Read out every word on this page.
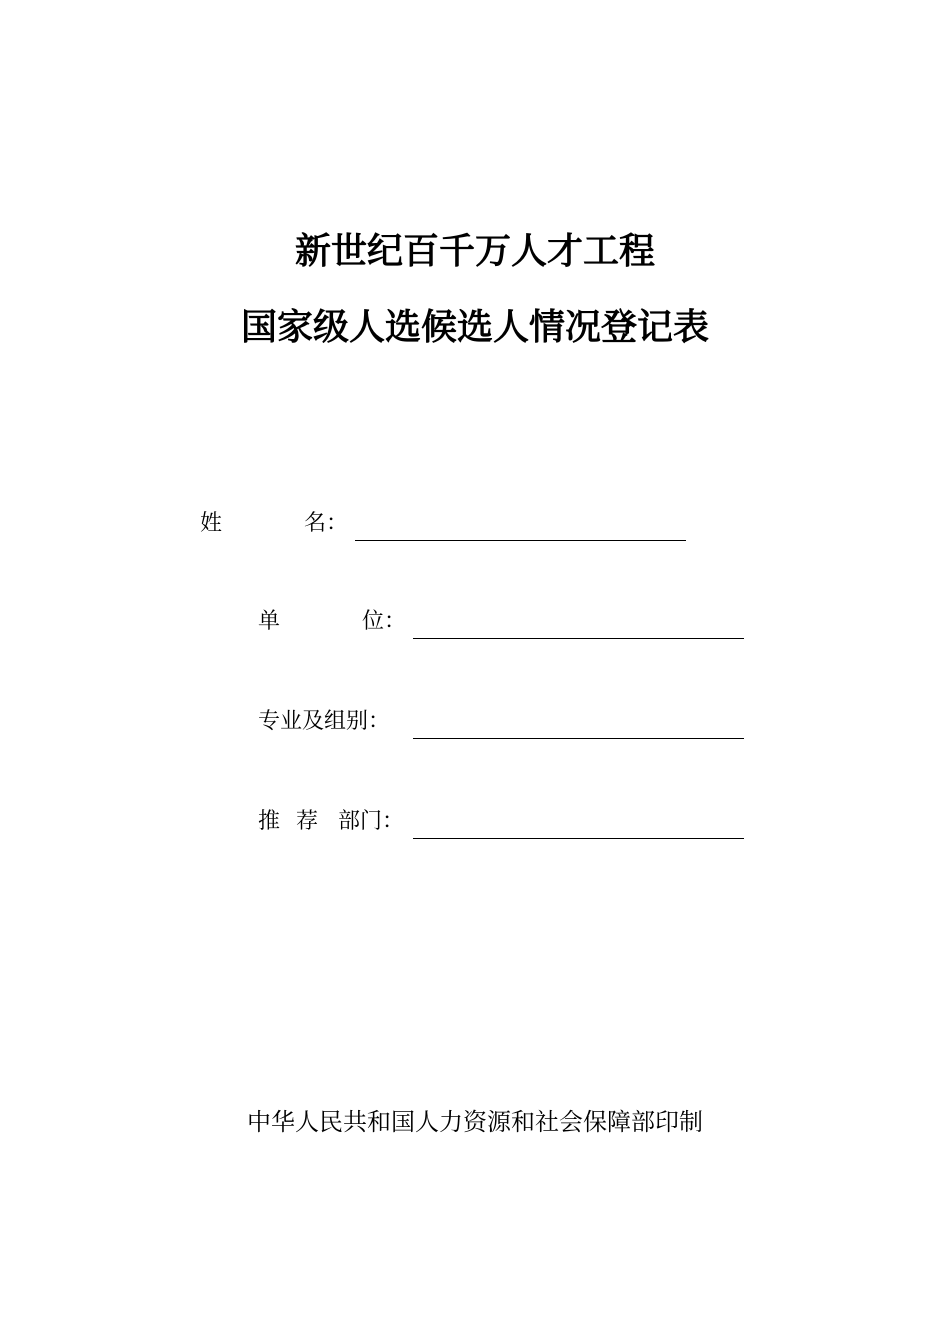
新世纪百千万人才工程
国家级人选候选人情况登记表
姓	名：
单	位：
专业及组别：
推 荐 部门：
中华人民共和国人力资源和社会保障部印制
